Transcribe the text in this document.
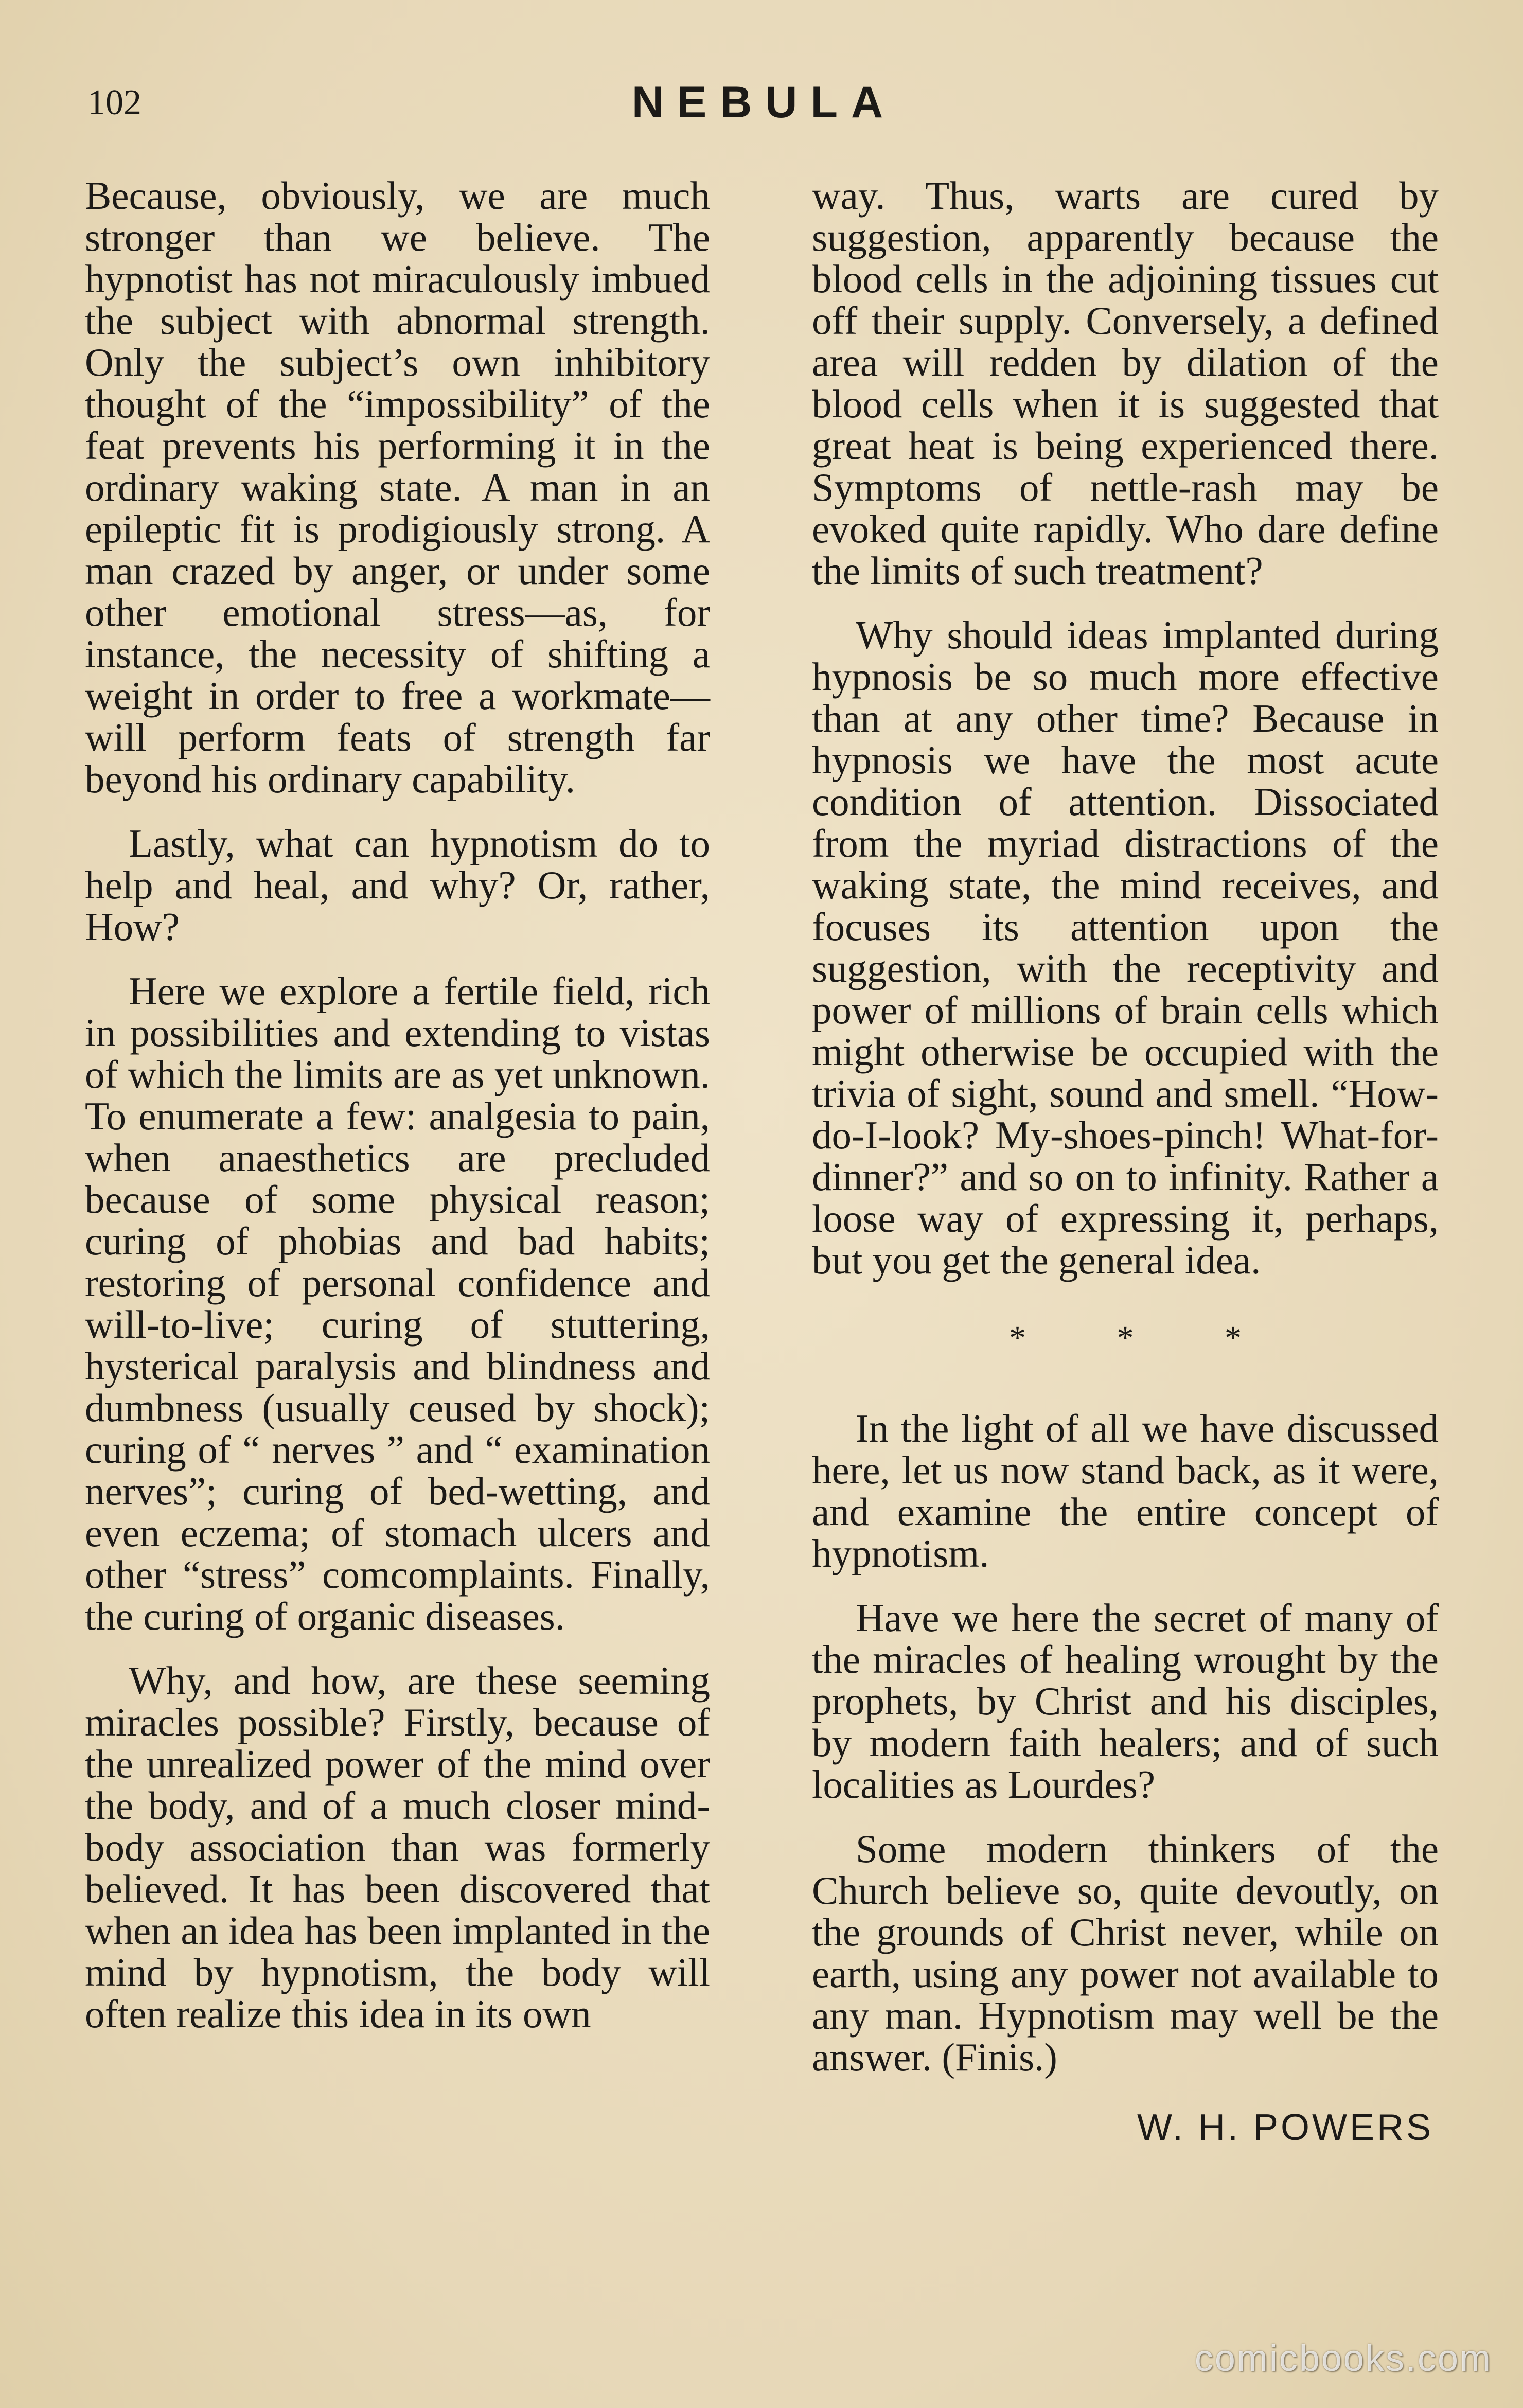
102	NEBULA

Because, obviously, we are much stronger than we believe. The hypnotist has not miraculously imbued the subject with abnormal strength. Only the subject’s own inhibitory thought of the “impossibility” of the feat prevents his performing it in the ordinary waking state. A man in an epileptic fit is prodigiously strong. A man crazed by anger, or under some other emotional stress—as, for instance, the necessity of shifting a weight in order to free a workmate—will perform feats of strength far beyond his ordinary capability.

Lastly, what can hypnotism do to help and heal, and why? Or, rather, How?

Here we explore a fertile field, rich in possibilities and extending to vistas of which the limits are as yet unknown. To enumerate a few: analgesia to pain, when anaesthetics are precluded because of some physical reason; curing of phobias and bad habits; restoring of personal confidence and will-to-live; curing of stuttering, hysterical paralysis and blindness and dumbness (usually ceused by shock); curing of “ nerves ” and “ examination nerves”; curing of bed-wetting, and even eczema; of stomach ulcers and other “stress” comcomplaints. Finally, the curing of organic diseases.

Why, and how, are these seeming miracles possible? Firstly, because of the unrealized power of the mind over the body, and of a much closer mind-body association than was formerly believed. It has been discovered that when an idea has been implanted in the mind by hypnotism, the body will often realize this idea in its own

way. Thus, warts are cured by suggestion, apparently because the blood cells in the adjoining tissues cut off their supply. Conversely, a defined area will redden by dilation of the blood cells when it is suggested that great heat is being experienced there. Symptoms of nettle-rash may be evoked quite rapidly. Who dare define the limits of such treatment?

Why should ideas implanted during hypnosis be so much more effective than at any other time? Because in hypnosis we have the most acute condition of attention. Dissociated from the myriad distractions of the waking state, the mind receives, and focuses its attention upon the suggestion, with the receptivity and power of millions of brain cells which might otherwise be occupied with the trivia of sight, sound and smell. “How-do-I-look? My-shoes-pinch! What-for-dinner?” and so on to infinity. Rather a loose way of expressing it, perhaps, but you get the general idea.

* * *

In the light of all we have discussed here, let us now stand back, as it were, and examine the entire concept of hypnotism.

Have we here the secret of many of the miracles of healing wrought by the prophets, by Christ and his disciples, by modern faith healers; and of such localities as Lourdes?

Some modern thinkers of the Church believe so, quite devoutly, on the grounds of Christ never, while on earth, using any power not available to any man. Hypnotism may well be the answer. (Finis.)

W. H. POWERS
comicbooks.com
